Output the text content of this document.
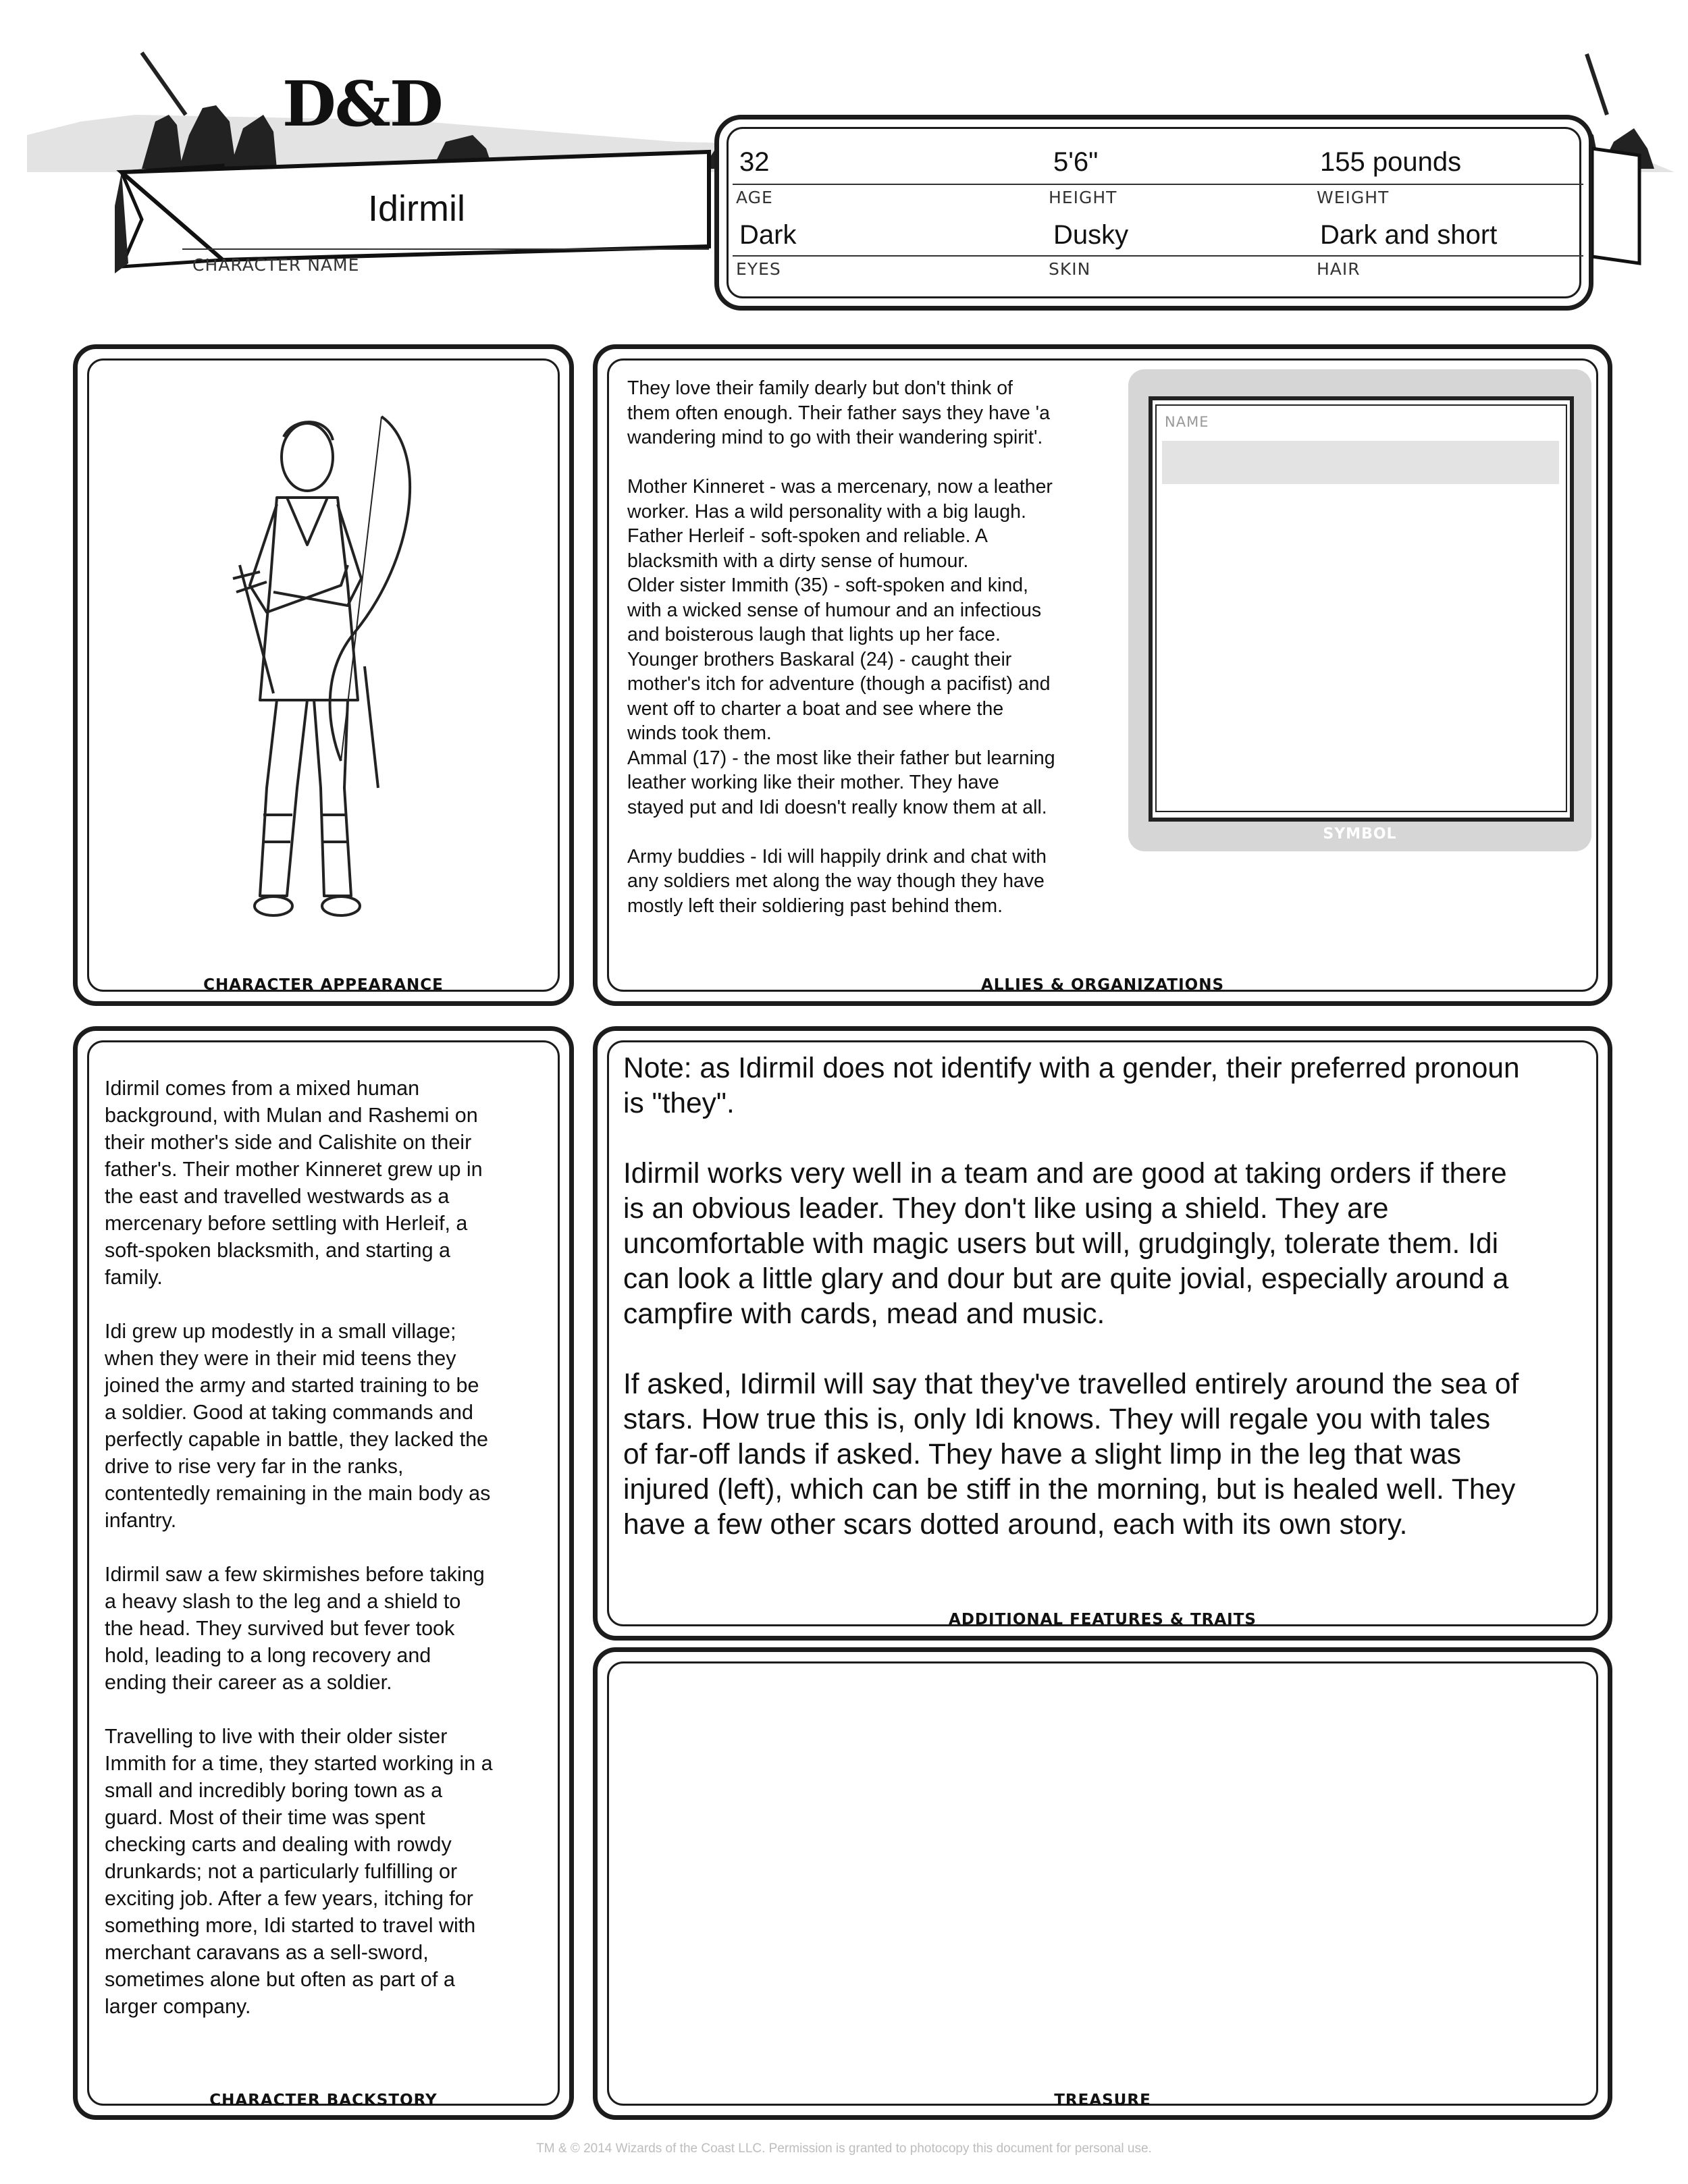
D&D
Idirmil
CHARACTER NAME
32	5'6"	155 pounds
AGE	HEIGHT	WEIGHT
Dark	Dusky	Dark and short
EYES	SKIN	HAIR
CHARACTER APPEARANCE
They love their family dearly but don't think of
them often enough. Their father says they have 'a
wandering mind to go with their wandering spirit'.

Mother Kinneret - was a mercenary, now a leather
worker. Has a wild personality with a big laugh.
Father Herleif - soft-spoken and reliable. A
blacksmith with a dirty sense of humour.
Older sister Immith (35) - soft-spoken and kind,
with a wicked sense of humour and an infectious
and boisterous laugh that lights up her face.
Younger brothers Baskaral (24) - caught their
mother's itch for adventure (though a pacifist) and
went off to charter a boat and see where the
winds took them.
Ammal (17) - the most like their father but learning
leather working like their mother. They have
stayed put and Idi doesn't really know them at all.

Army buddies - Idi will happily drink and chat with
any soldiers met along the way though they have
mostly left their soldiering past behind them.
NAME
SYMBOL
ALLIES & ORGANIZATIONS
Idirmil comes from a mixed human
background, with Mulan and Rashemi on
their mother's side and Calishite on their
father's. Their mother Kinneret grew up in
the east and travelled westwards as a
mercenary before settling with Herleif, a
soft-spoken blacksmith, and starting a
family.

Idi grew up modestly in a small village;
when they were in their mid teens they
joined the army and started training to be
a soldier. Good at taking commands and
perfectly capable in battle, they lacked the
drive to rise very far in the ranks,
contentedly remaining in the main body as
infantry.

Idirmil saw a few skirmishes before taking
a heavy slash to the leg and a shield to
the head. They survived but fever took
hold, leading to a long recovery and
ending their career as a soldier.

Travelling to live with their older sister
Immith for a time, they started working in a
small and incredibly boring town as a
guard. Most of their time was spent
checking carts and dealing with rowdy
drunkards; not a particularly fulfilling or
exciting job. After a few years, itching for
something more, Idi started to travel with
merchant caravans as a sell-sword,
sometimes alone but often as part of a
larger company.
CHARACTER BACKSTORY
Note: as Idirmil does not identify with a gender, their preferred pronoun
is "they".

Idirmil works very well in a team and are good at taking orders if there
is an obvious leader. They don't like using a shield. They are
uncomfortable with magic users but will, grudgingly, tolerate them. Idi
can look a little glary and dour but are quite jovial, especially around a
campfire with cards, mead and music.

If asked, Idirmil will say that they've travelled entirely around the sea of
stars. How true this is, only Idi knows. They will regale you with tales
of far-off lands if asked. They have a slight limp in the leg that was
injured (left), which can be stiff in the morning, but is healed well. They
have a few other scars dotted around, each with its own story.
ADDITIONAL FEATURES & TRAITS
TREASURE
TM & © 2014 Wizards of the Coast LLC. Permission is granted to photocopy this document for personal use.
